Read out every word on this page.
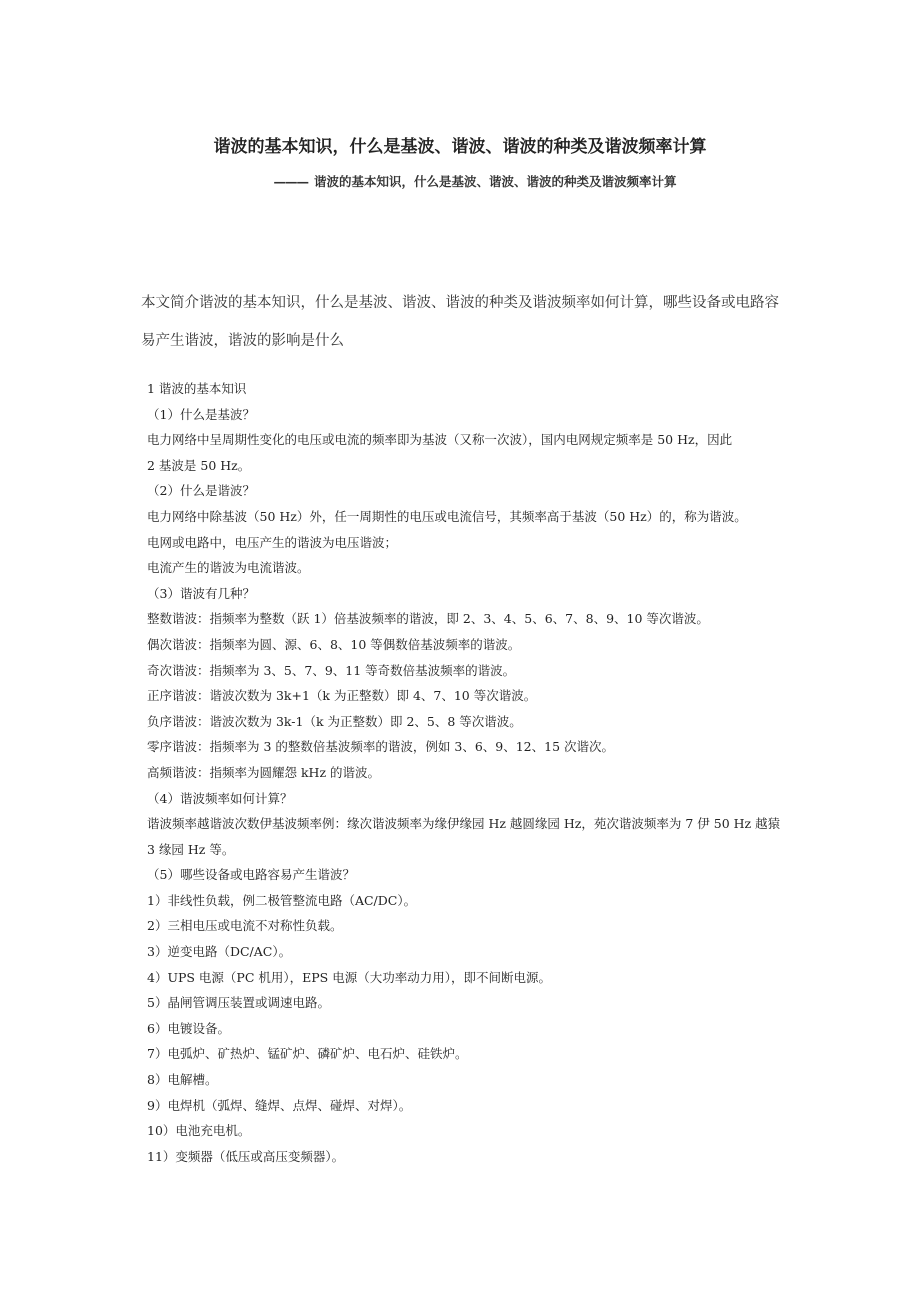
谐波的基本知识，什么是基波、谐波、谐波的种类及谐波频率计算
——— 谐波的基本知识，什么是基波、谐波、谐波的种类及谐波频率计算

本文简介谐波的基本知识，什么是基波、谐波、谐波的种类及谐波频率如何计算，哪些设备或电路容

易产生谐波，谐波的影响是什么

1 谐波的基本知识
（1）什么是基波？
电力网络中呈周期性变化的电压或电流的频率即为基波（又称一次波），国内电网规定频率是 50 Hz，因此
2 基波是 50 Hz。
（2）什么是谐波？
电力网络中除基波（50 Hz）外，任一周期性的电压或电流信号，其频率高于基波（50 Hz）的，称为谐波。
电网或电路中，电压产生的谐波为电压谐波；
电流产生的谐波为电流谐波。
（3）谐波有几种？
整数谐波：指频率为整数（跃 1）倍基波频率的谐波，即 2、3、4、5、6、7、8、9、10 等次谐波。
偶次谐波：指频率为圆、源、6、8、10 等偶数倍基波频率的谐波。
奇次谐波：指频率为 3、5、7、9、11 等奇数倍基波频率的谐波。
正序谐波：谐波次数为 3k+1（k 为正整数）即 4、7、10 等次谐波。
负序谐波：谐波次数为 3k-1（k 为正整数）即 2、5、8 等次谐波。
零序谐波：指频率为 3 的整数倍基波频率的谐波，例如 3、6、9、12、15 次谐次。
高频谐波：指频率为圆耀怨 kHz 的谐波。
（4）谐波频率如何计算？
谐波频率越谐波次数伊基波频率例：缘次谐波频率为缘伊缘园 Hz 越圆缘园 Hz，苑次谐波频率为 7 伊 50 Hz 越猿
3 缘园 Hz 等。
（5）哪些设备或电路容易产生谐波？
1）非线性负载，例二极管整流电路（AC/DC）。
2）三相电压或电流不对称性负载。
3）逆变电路（DC/AC）。
4）UPS 电源（PC 机用），EPS 电源（大功率动力用），即不间断电源。
5）晶闸管调压装置或调速电路。
6）电镀设备。
7）电弧炉、矿热炉、锰矿炉、磷矿炉、电石炉、硅铁炉。
8）电解槽。
9）电焊机（弧焊、缝焊、点焊、碰焊、对焊）。
10）电池充电机。
11）变频器（低压或高压变频器）。
